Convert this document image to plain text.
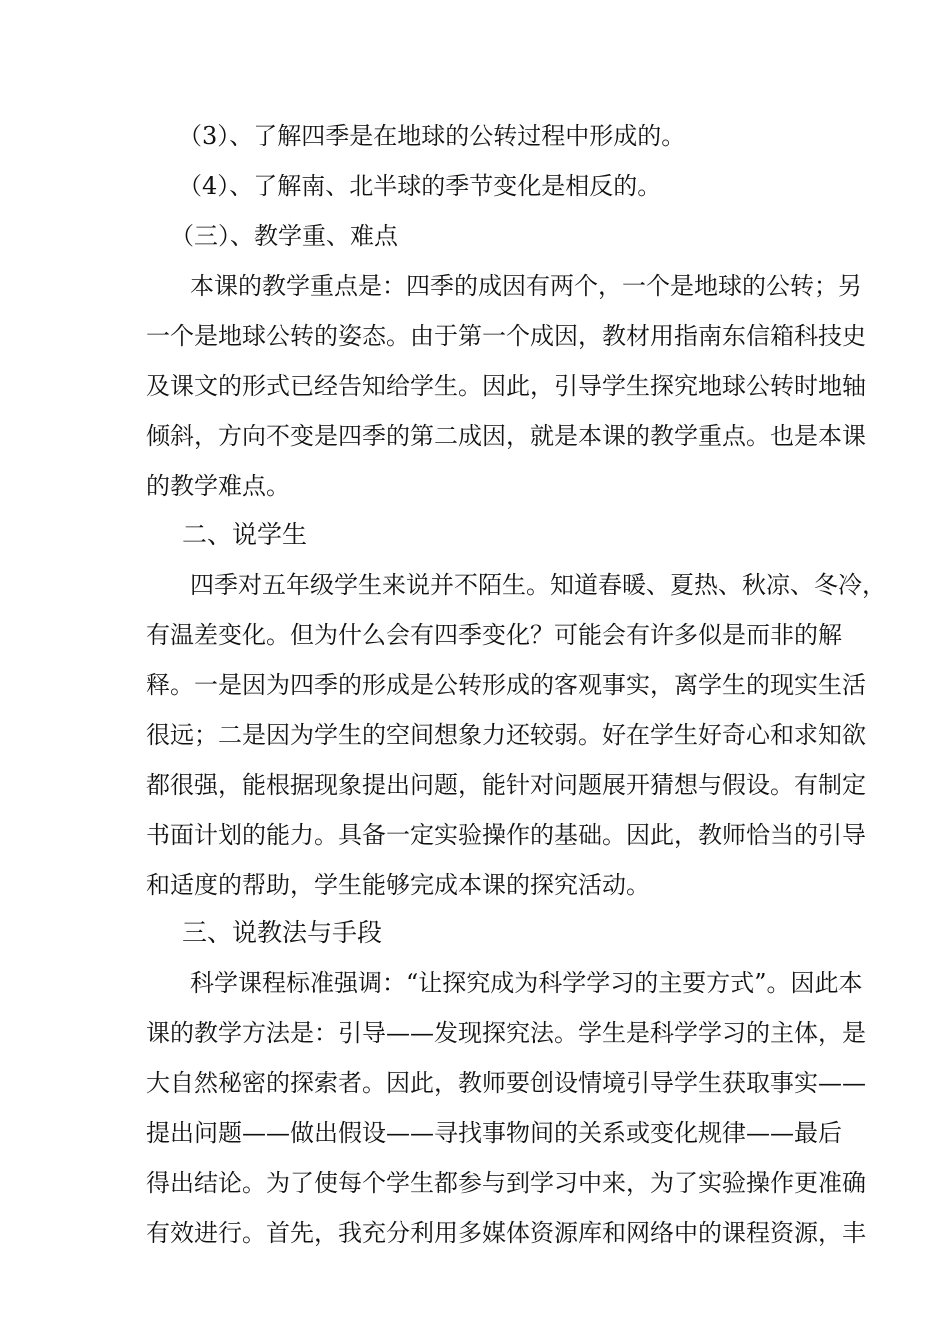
（3）、了解四季是在地球的公转过程中形成的。
（4）、了解南、北半球的季节变化是相反的。
（三）、教学重、难点
本课的教学重点是：四季的成因有两个，一个是地球的公转；另
一个是地球公转的姿态。由于第一个成因，教材用指南东信箱科技史
及课文的形式已经告知给学生。因此，引导学生探究地球公转时地轴
倾斜，方向不变是四季的第二成因，就是本课的教学重点。也是本课
的教学难点。
二、说学生
四季对五年级学生来说并不陌生。知道春暖、夏热、秋凉、冬冷，
有温差变化。但为什么会有四季变化？可能会有许多似是而非的解
释。一是因为四季的形成是公转形成的客观事实，离学生的现实生活
很远；二是因为学生的空间想象力还较弱。好在学生好奇心和求知欲
都很强，能根据现象提出问题，能针对问题展开猜想与假设。有制定
书面计划的能力。具备一定实验操作的基础。因此，教师恰当的引导
和适度的帮助，学生能够完成本课的探究活动。
三、说教法与手段
科学课程标准强调：“让探究成为科学学习的主要方式”。因此本
课的教学方法是：引导——发现探究法。学生是科学学习的主体，是
大自然秘密的探索者。因此，教师要创设情境引导学生获取事实——
提出问题——做出假设——寻找事物间的关系或变化规律——最后
得出结论。为了使每个学生都参与到学习中来，为了实验操作更准确
有效进行。首先，我充分利用多媒体资源库和网络中的课程资源，丰
